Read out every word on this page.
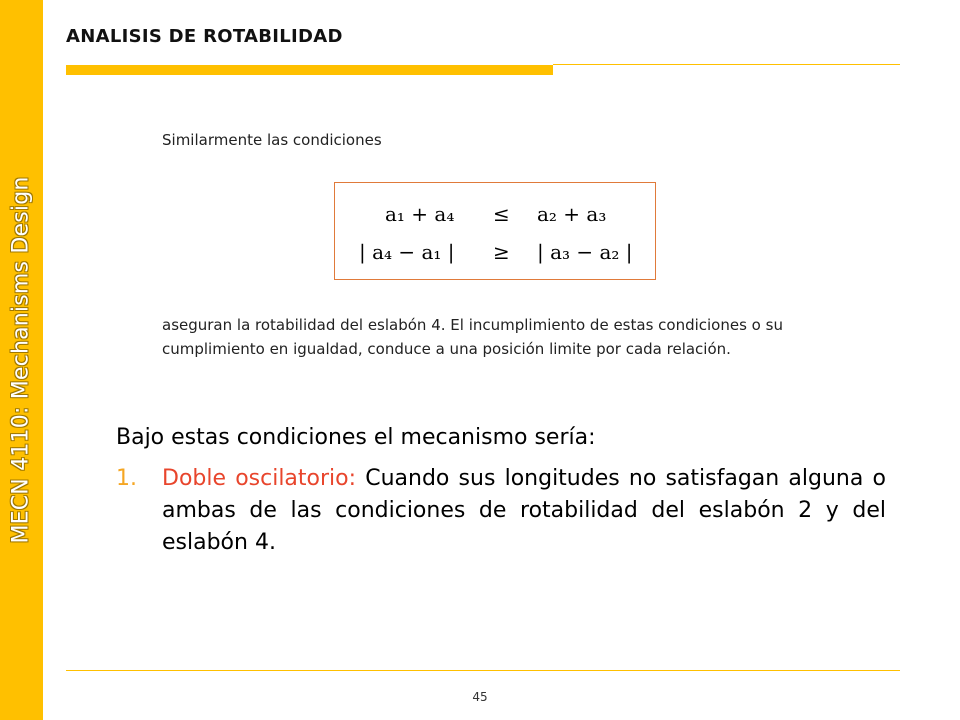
MECN 4110: Mechanisms Design
ANALISIS DE ROTABILIDAD
Similarmente las condiciones
a₁ + a₄ ≤ a₂ + a₃
| a₄ − a₁ | ≥ | a₃ − a₂ |
aseguran la rotabilidad del eslabón 4. El incumplimiento de estas condiciones o su cumplimiento en igualdad, conduce a una posición limite por cada relación.
Bajo estas condiciones el mecanismo sería:
1. Doble oscilatorio: Cuando sus longitudes no satisfagan alguna o ambas de las condiciones de rotabilidad del eslabón 2 y del eslabón 4.
45
